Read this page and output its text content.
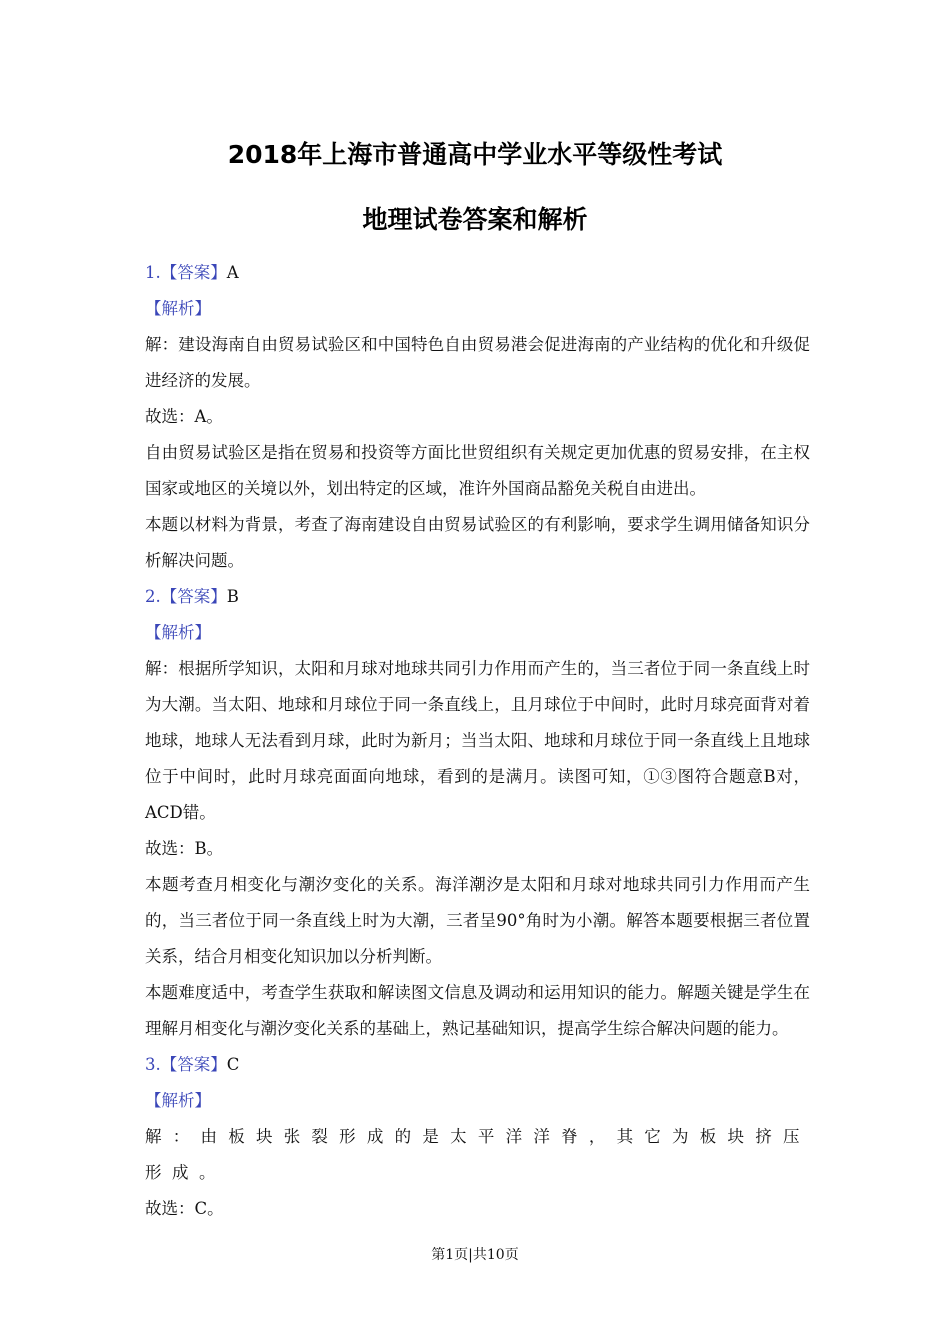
2018年上海市普通高中学业水平等级性考试
地理试卷答案和解析

1.【答案】A

【解析】

解：建设海南自由贸易试验区和中国特色自由贸易港会促进海南的产业结构的优化和升级促进经济的发展。

故选：A。

自由贸易试验区是指在贸易和投资等方面比世贸组织有关规定更加优惠的贸易安排，在主权国家或地区的关境以外，划出特定的区域，准许外国商品豁免关税自由进出。

本题以材料为背景，考查了海南建设自由贸易试验区的有利影响，要求学生调用储备知识分析解决问题。

2.【答案】B

【解析】

解：根据所学知识，太阳和月球对地球共同引力作用而产生的，当三者位于同一条直线上时为大潮。当太阳、地球和月球位于同一条直线上，且月球位于中间时，此时月球亮面背对着地球，地球人无法看到月球，此时为新月；当当太阳、地球和月球位于同一条直线上且地球位于中间时，此时月球亮面面向地球，看到的是满月。读图可知，①③图符合题意B对，ACD错。

故选：B。

本题考查月相变化与潮汐变化的关系。海洋潮汐是太阳和月球对地球共同引力作用而产生的，当三者位于同一条直线上时为大潮，三者呈90°角时为小潮。解答本题要根据三者位置关系，结合月相变化知识加以分析判断。

本题难度适中，考查学生获取和解读图文信息及调动和运用知识的能力。解题关键是学生在理解月相变化与潮汐变化关系的基础上，熟记基础知识，提高学生综合解决问题的能力。

3.【答案】C

【解析】

解：由板块张裂形成的是太平洋洋脊，其它为板块挤压形成。

故选：C。

第1页|共10页
